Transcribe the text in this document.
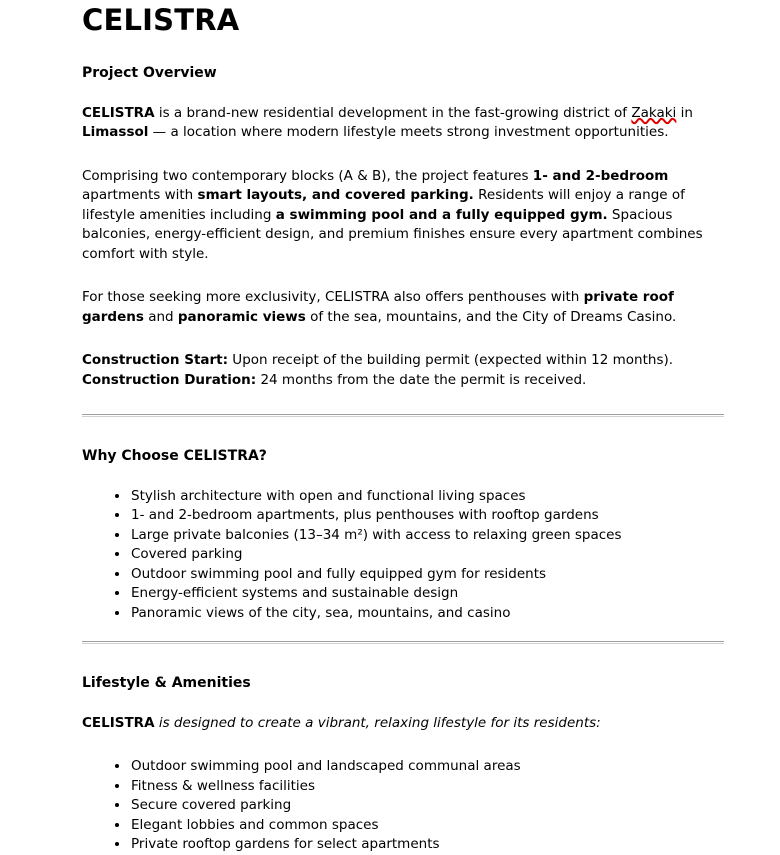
CELISTRA
Project Overview

CELISTRA is a brand-new residential development in the fast-growing district of Zakaki in Limassol — a location where modern lifestyle meets strong investment opportunities.

Comprising two contemporary blocks (A & B), the project features 1- and 2-bedroom apartments with smart layouts, and covered parking. Residents will enjoy a range of lifestyle amenities including a swimming pool and a fully equipped gym. Spacious balconies, energy-efficient design, and premium finishes ensure every apartment combines comfort with style.

For those seeking more exclusivity, CELISTRA also offers penthouses with private roof gardens and panoramic views of the sea, mountains, and the City of Dreams Casino.

Construction Start: Upon receipt of the building permit (expected within 12 months).
Construction Duration: 24 months from the date the permit is received.

Why Choose CELISTRA?
• Stylish architecture with open and functional living spaces
• 1- and 2-bedroom apartments, plus penthouses with rooftop gardens
• Large private balconies (13–34 m²) with access to relaxing green spaces
• Covered parking
• Outdoor swimming pool and fully equipped gym for residents
• Energy-efficient systems and sustainable design
• Panoramic views of the city, sea, mountains, and casino
Lifestyle & Amenities

CELISTRA is designed to create a vibrant, relaxing lifestyle for its residents:

• Outdoor swimming pool and landscaped communal areas
• Fitness & wellness facilities
• Secure covered parking
• Elegant lobbies and common spaces
• Private rooftop gardens for select apartments
